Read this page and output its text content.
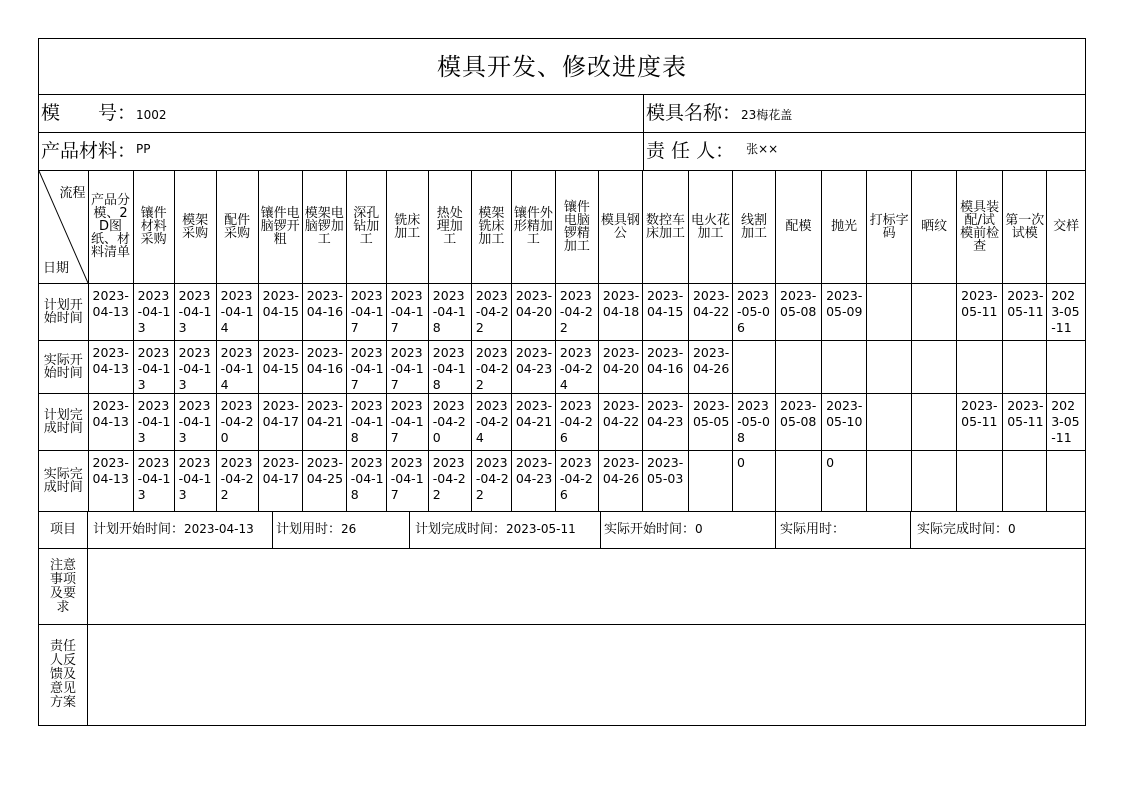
模具开发、修改进度表
模　　号：1002	模具名称：23梅花盖
产品材料：$^{PP}$	责 任 人： $^{张\times\times}$
流程
日期	产品分模、2D图纸、材料清单	镶件材料采购	模架采购	配件采购	镶件电脑锣开粗	模架电脑锣加工	深孔钻加工	铣床加工	热处理加工	模架铣床加工	镶件外形精加工	镶件电脑锣精加工	模具钢公	数控车床加工	电火花加工	线割加工	配模	抛光	打标字码	晒纹	模具装配/试模前检查	第一次试模	交样
计划开始时间	2023-04-13	2023-04-13	2023-04-13	2023-04-14	2023-04-15	2023-04-16	2023-04-17	2023-04-17	2023-04-18	2023-04-22	2023-04-20	2023-04-22	2023-04-18	2023-04-15	2023-04-22	2023-05-06	2023-05-08	2023-05-09			2023-05-11	2023-05-11	2023-05-11
实际开始时间	2023-04-13	2023-04-13	2023-04-13	2023-04-14	2023-04-15	2023-04-16	2023-04-17	2023-04-17	2023-04-18	2023-04-22	2023-04-23	2023-04-24	2023-04-20	2023-04-16	2023-04-26								
计划完成时间	2023-04-13	2023-04-13	2023-04-13	2023-04-20	2023-04-17	2023-04-21	2023-04-18	2023-04-17	2023-04-20	2023-04-24	2023-04-21	2023-04-26	2023-04-22	2023-04-23	2023-05-05	2023-05-08	2023-05-08	2023-05-10			2023-05-11	2023-05-11	2023-05-11
实际完成时间	2023-04-13	2023-04-13	2023-04-13	2023-04-22	2023-04-17	2023-04-25	2023-04-18	2023-04-17	2023-04-22	2023-04-22	2023-04-23	2023-04-26	2023-04-26	2023-05-03		0		0					
项目	计划开始时间：2023-04-13	计划用时：26	计划完成时间：2023-05-11	实际开始时间：0	实际用时：	实际完成时间：0
注意事项及要求
责任人反馈及意见方案
